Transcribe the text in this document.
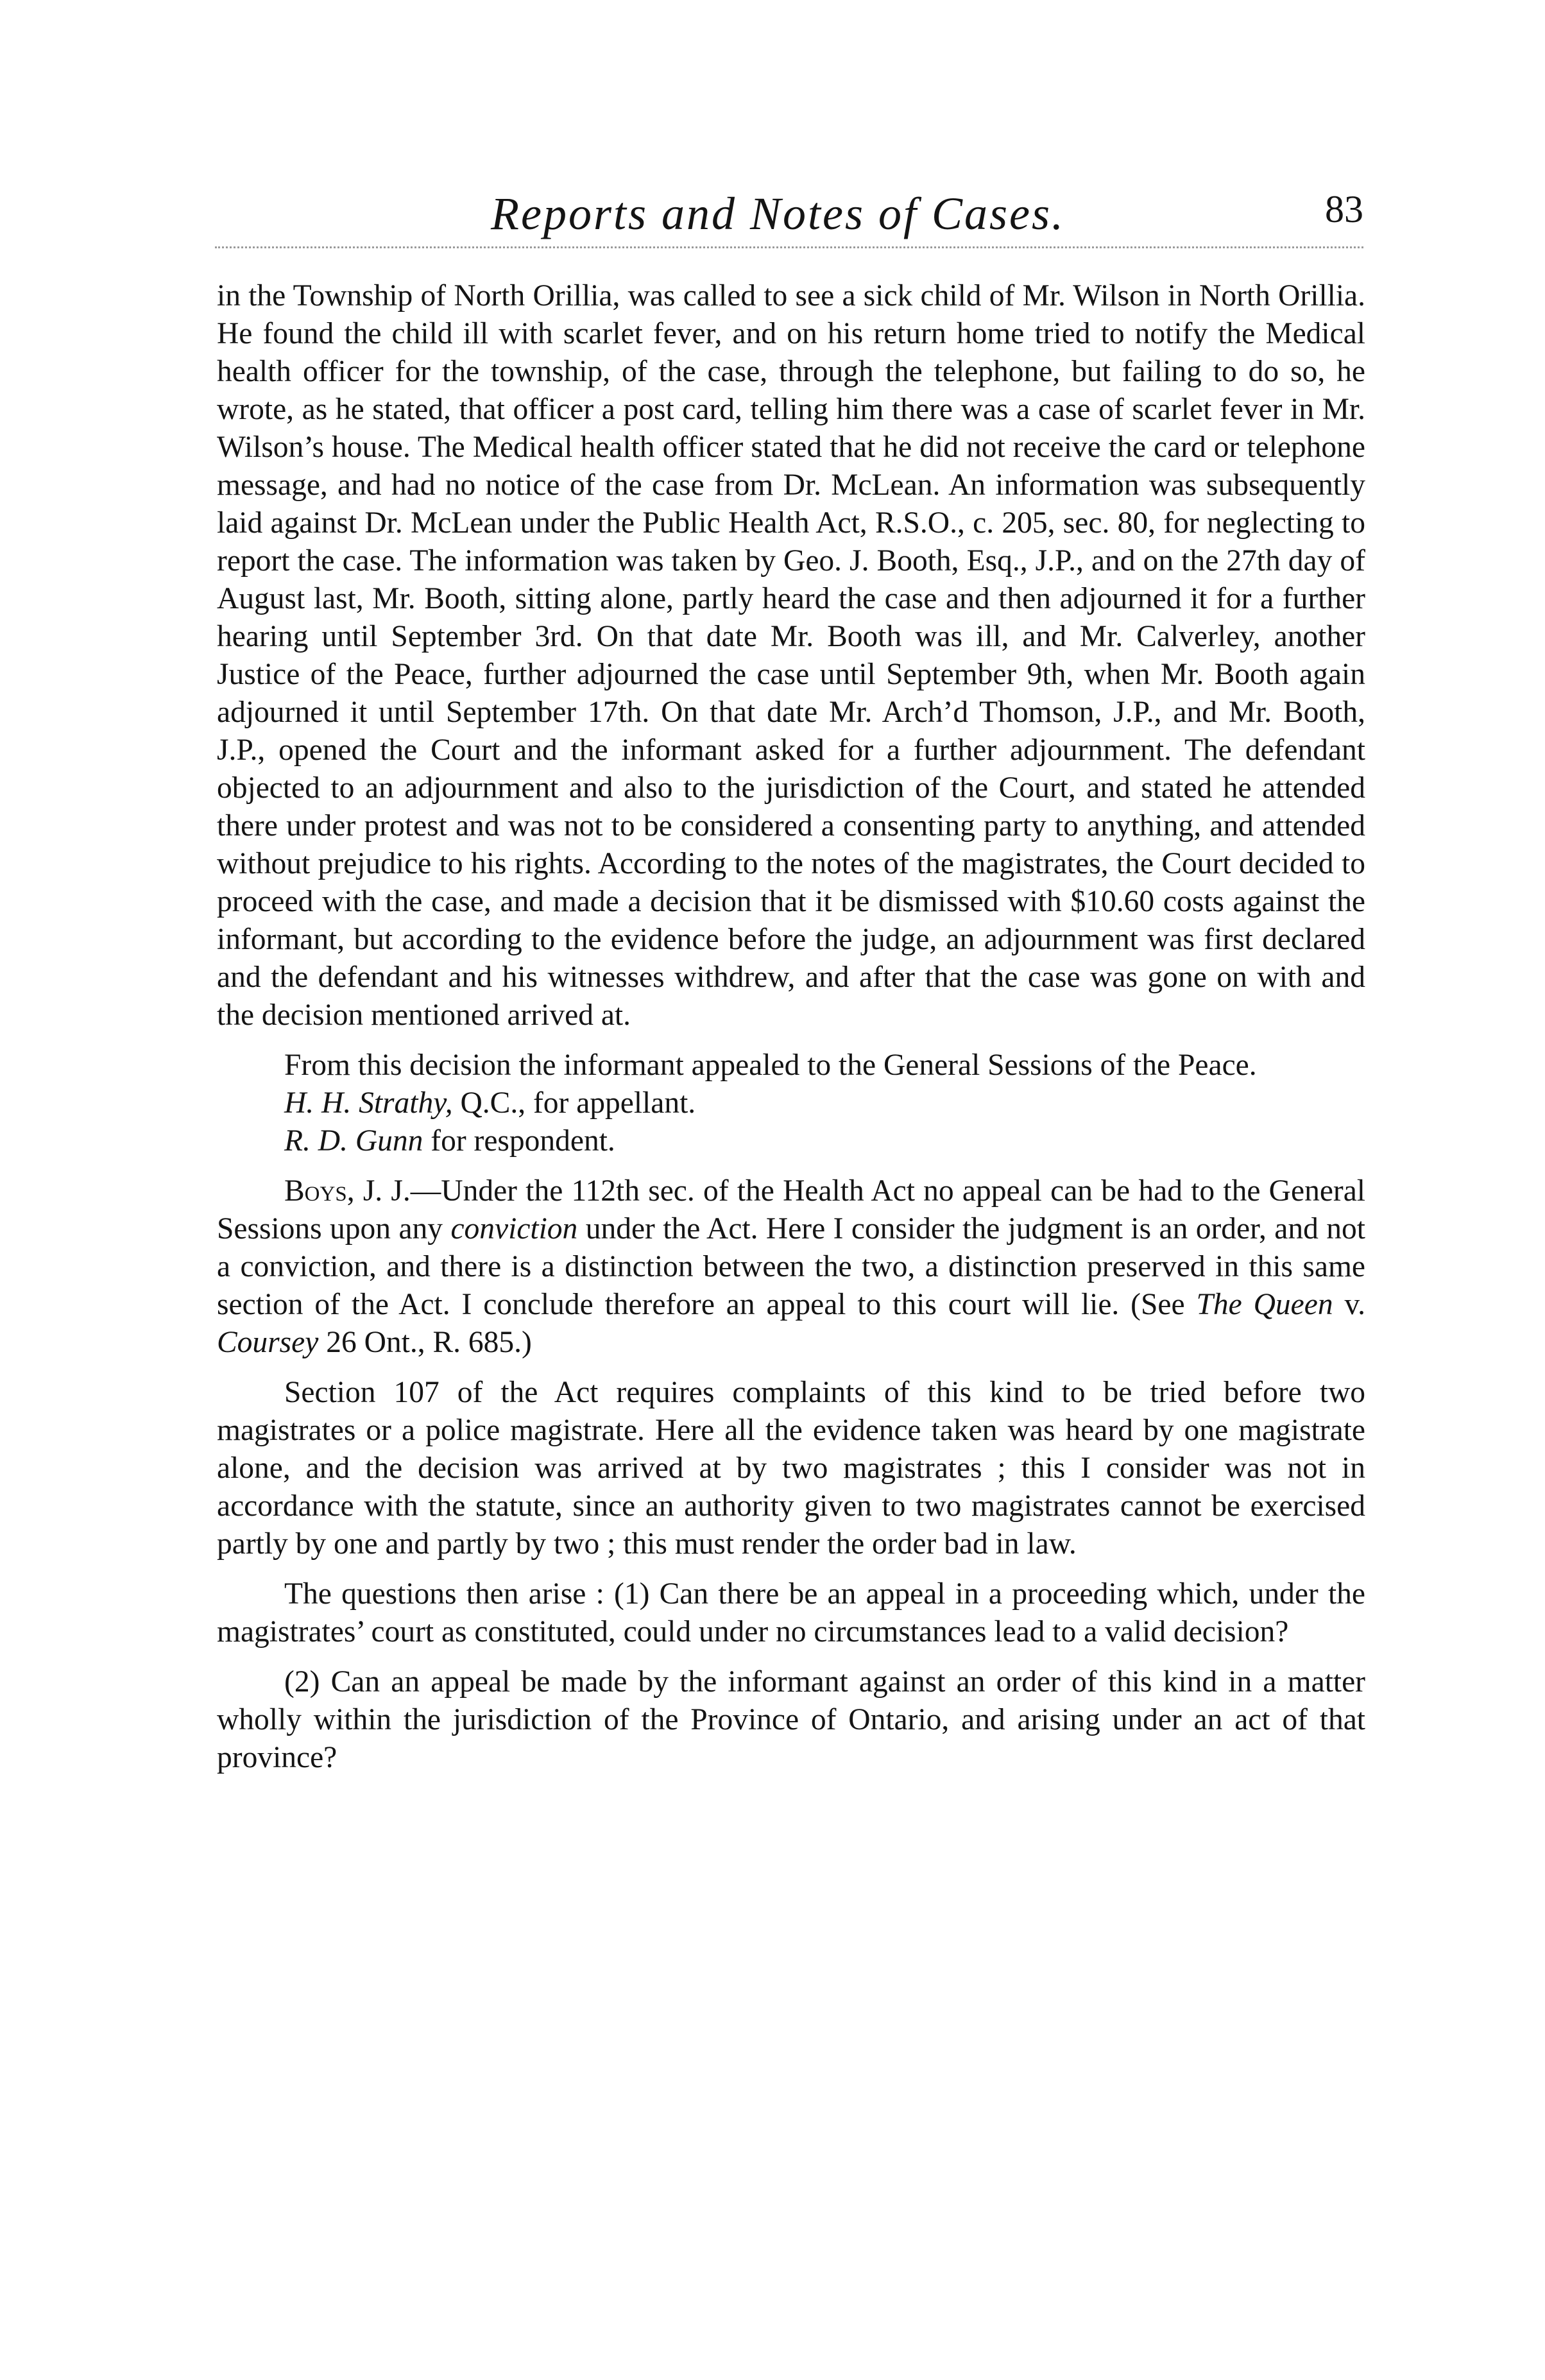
Reports and Notes of Cases.	83

in the Township of North Orillia, was called to see a sick child of Mr. Wilson in North Orillia. He found the child ill with scarlet fever, and on his return home tried to notify the Medical health officer for the township, of the case, through the telephone, but failing to do so, he wrote, as he stated, that officer a post card, telling him there was a case of scarlet fever in Mr. Wilson’s house. The Medical health officer stated that he did not receive the card or telephone message, and had no notice of the case from Dr. McLean. An information was subsequently laid against Dr. McLean under the Public Health Act, R.S.O., c. 205, sec. 80, for neglecting to report the case. The information was taken by Geo. J. Booth, Esq., J.P., and on the 27th day of August last, Mr. Booth, sitting alone, partly heard the case and then adjourned it for a further hearing until September 3rd. On that date Mr. Booth was ill, and Mr. Calverley, another Justice of the Peace, further adjourned the case until September 9th, when Mr. Booth again adjourned it until September 17th. On that date Mr. Arch’d Thomson, J.P., and Mr. Booth, J.P., opened the Court and the informant asked for a further adjournment. The defendant objected to an adjournment and also to the jurisdiction of the Court, and stated he attended there under protest and was not to be considered a consenting party to anything, and attended without prejudice to his rights. According to the notes of the magistrates, the Court decided to proceed with the case, and made a decision that it be dismissed with $10.60 costs against the informant, but according to the evidence before the judge, an adjournment was first declared and the defendant and his witnesses withdrew, and after that the case was gone on with and the decision mentioned arrived at.

From this decision the informant appealed to the General Sessions of the Peace.

H. H. Strathy, Q.C., for appellant.

R. D. Gunn for respondent.

Boys, J. J.—Under the 112th sec. of the Health Act no appeal can be had to the General Sessions upon any conviction under the Act. Here I consider the judgment is an order, and not a conviction, and there is a distinction between the two, a distinction preserved in this same section of the Act. I conclude therefore an appeal to this court will lie. (See The Queen v. Coursey 26 Ont., R. 685.)

Section 107 of the Act requires complaints of this kind to be tried before two magistrates or a police magistrate. Here all the evidence taken was heard by one magistrate alone, and the decision was arrived at by two magistrates ; this I consider was not in accordance with the statute, since an authority given to two magistrates cannot be exercised partly by one and partly by two ; this must render the order bad in law.

The questions then arise : (1) Can there be an appeal in a proceeding which, under the magistrates’ court as constituted, could under no circumstances lead to a valid decision?

(2) Can an appeal be made by the informant against an order of this kind in a matter wholly within the jurisdiction of the Province of Ontario, and arising under an act of that province?
